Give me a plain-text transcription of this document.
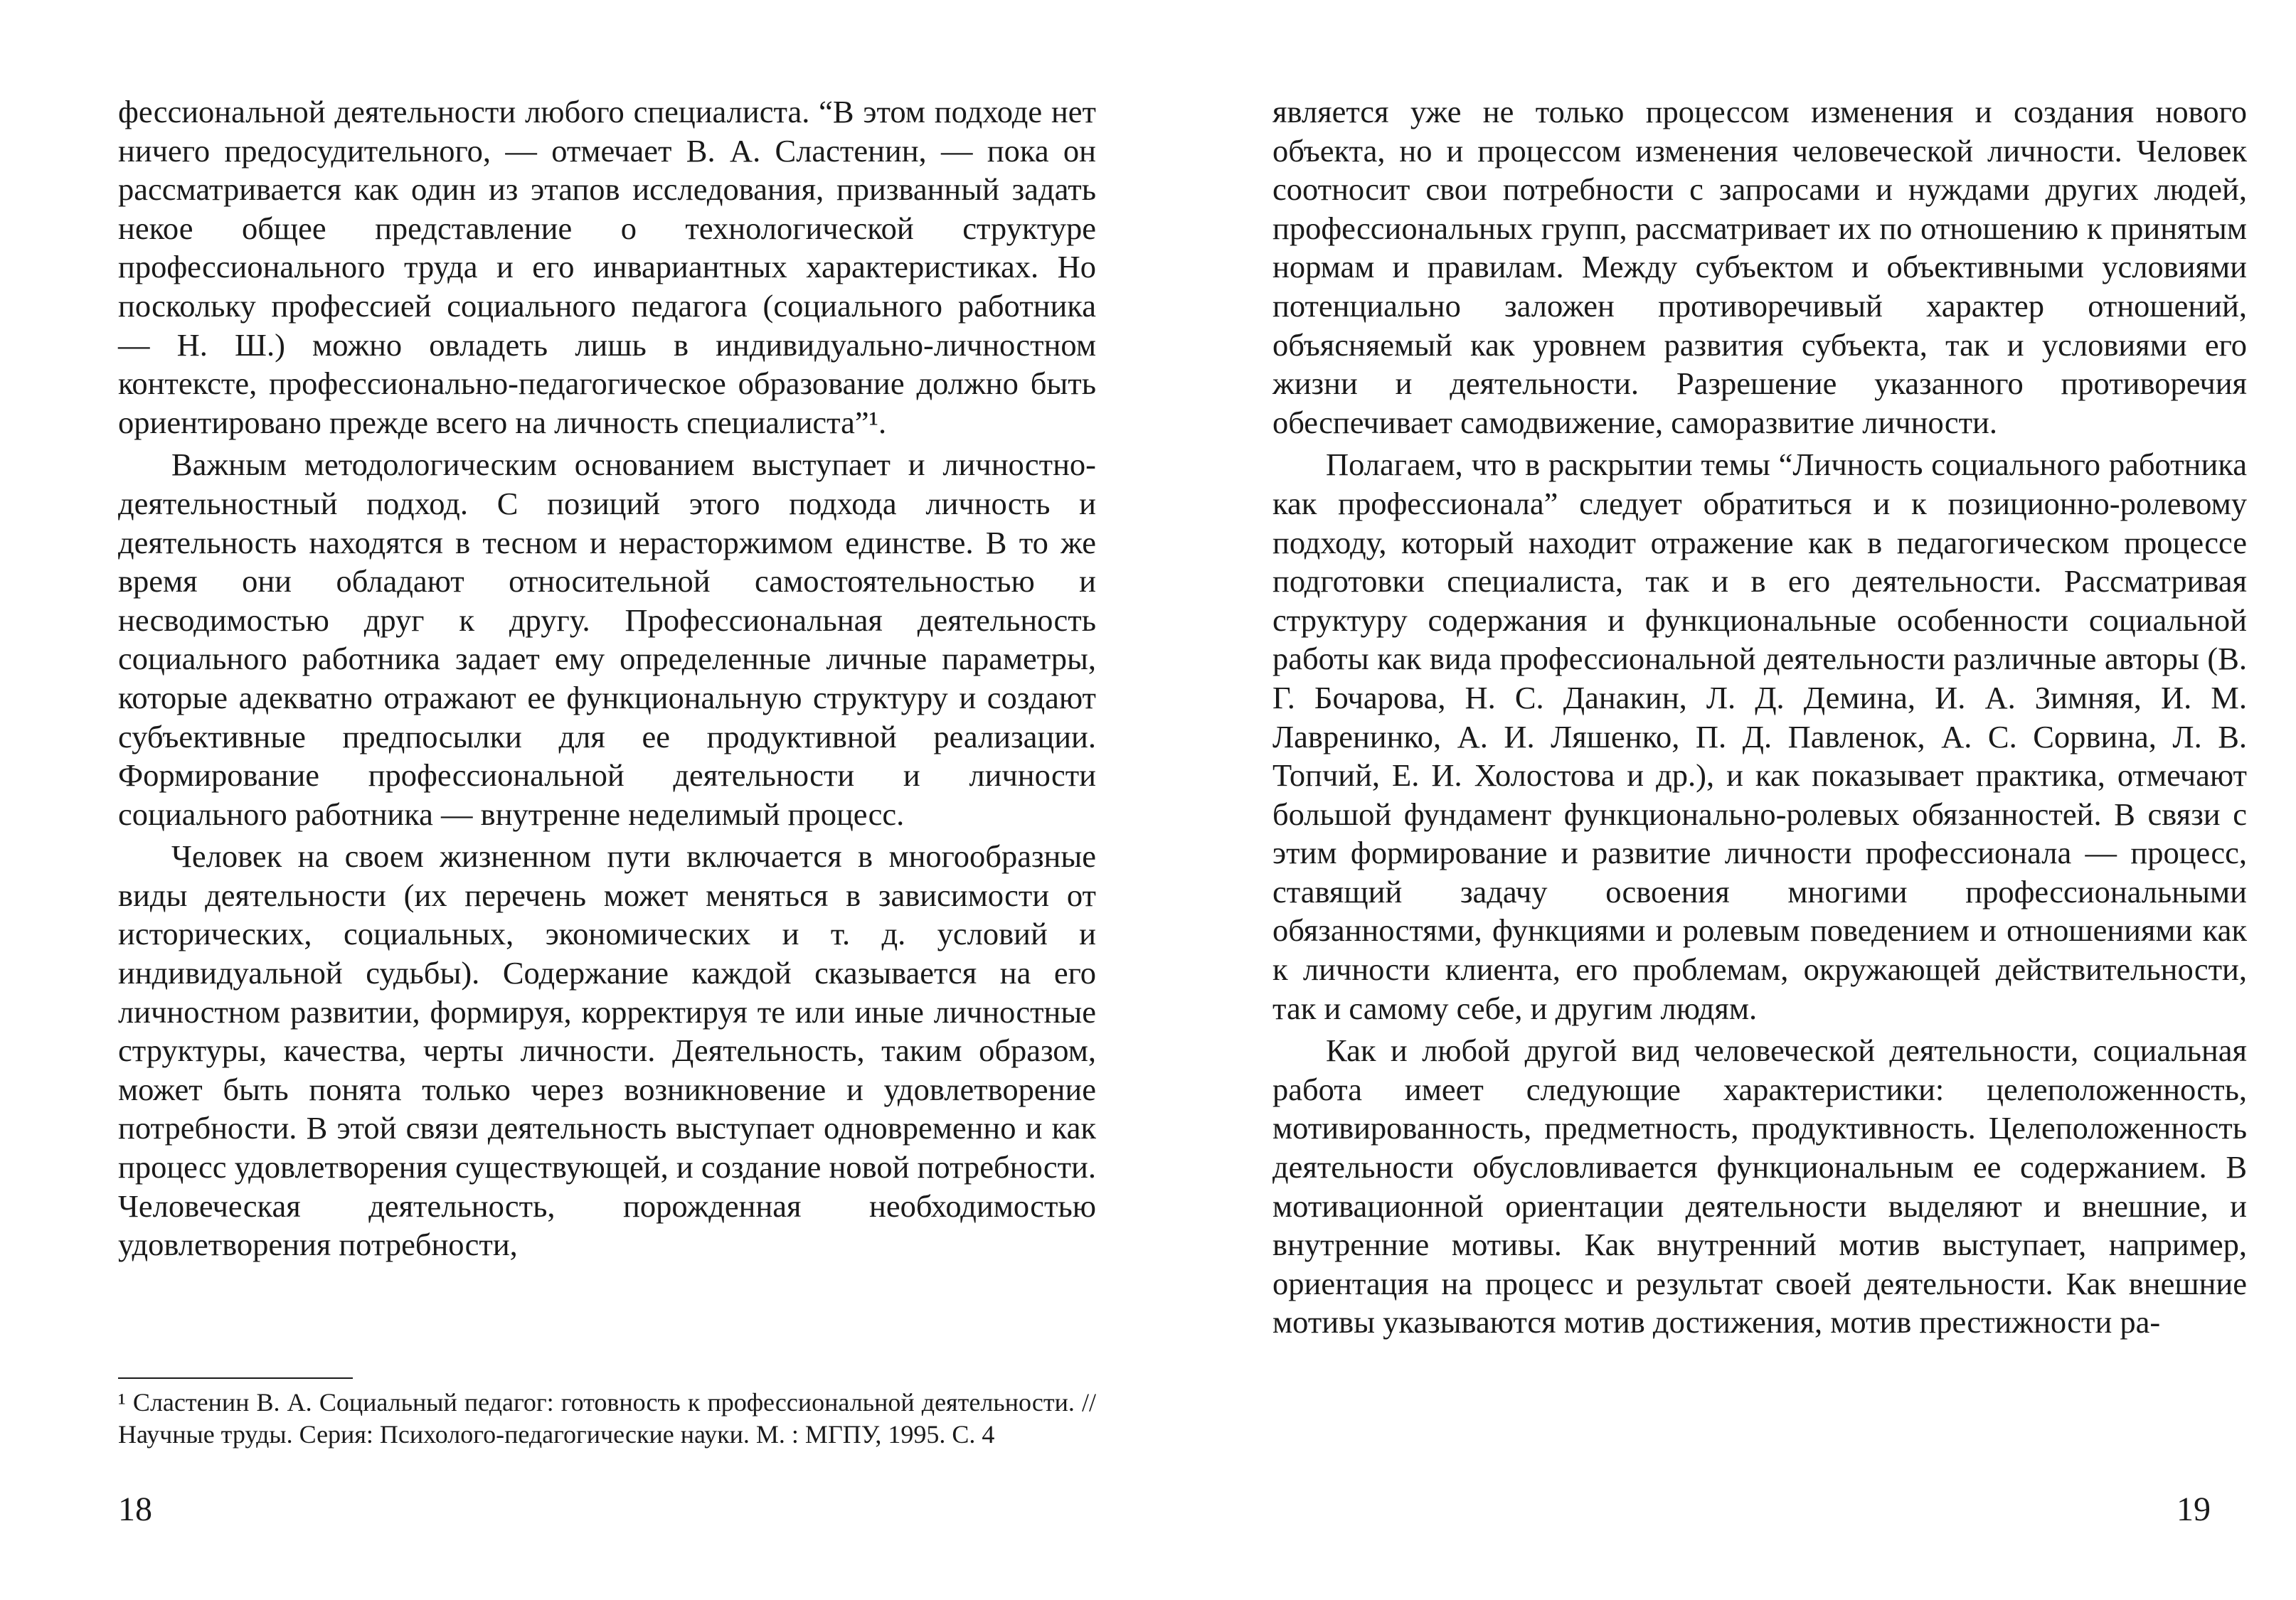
фессиональной деятельности любого специалиста. “В этом подходе нет ничего предосудительного, — отмечает В. А. Сластенин, — пока он рассматривается как один из этапов исследования, призванный задать некое общее представление о технологической структуре профессионального труда и его инвариантных характеристиках. Но поскольку профессией социального педагога (социального работника — Н. Ш.) можно овладеть лишь в индивидуально-личностном контексте, профессионально-педагогическое образование должно быть ориентировано прежде всего на личность специалиста”¹.

Важным методологическим основанием выступает и личностно-деятельностный подход. С позиций этого подхода личность и деятельность находятся в тесном и нерасторжимом единстве. В то же время они обладают относительной самостоятельностью и несводимостью друг к другу. Профессиональная деятельность социального работника задает ему определенные личные параметры, которые адекватно отражают ее функциональную структуру и создают субъективные предпосылки для ее продуктивной реализации. Формирование профессиональной деятельности и личности социального работника — внутренне неделимый процесс.

Человек на своем жизненном пути включается в многообразные виды деятельности (их перечень может меняться в зависимости от исторических, социальных, экономических и т. д. условий и индивидуальной судьбы). Содержание каждой сказывается на его личностном развитии, формируя, корректируя те или иные личностные структуры, качества, черты личности. Деятельность, таким образом, может быть понята только через возникновение и удовлетворение потребности. В этой связи деятельность выступает одновременно и как процесс удовлетворения существующей, и создание новой потребности. Человеческая деятельность, порожденная необходимостью удовлетворения потребности,

¹ Сластенин В. А. Социальный педагог: готовность к профессиональной деятельности. // Научные труды. Серия: Психолого-педагогические науки. М. : МГПУ, 1995. С. 4

18

является уже не только процессом изменения и создания нового объекта, но и процессом изменения человеческой личности. Человек соотносит свои потребности с запросами и нуждами других людей, профессиональных групп, рассматривает их по отношению к принятым нормам и правилам. Между субъектом и объективными условиями потенциально заложен противоречивый характер отношений, объясняемый как уровнем развития субъекта, так и условиями его жизни и деятельности. Разрешение указанного противоречия обеспечивает самодвижение, саморазвитие личности.

Полагаем, что в раскрытии темы “Личность социального работника как профессионала” следует обратиться и к позиционно-ролевому подходу, который находит отражение как в педагогическом процессе подготовки специалиста, так и в его деятельности. Рассматривая структуру содержания и функциональные особенности социальной работы как вида профессиональной деятельности различные авторы (В. Г. Бочарова, Н. С. Данакин, Л. Д. Демина, И. А. Зимняя, И. М. Лавренинко, А. И. Ляшенко, П. Д. Павленок, А. С. Сорвина, Л. В. Топчий, Е. И. Холостова и др.), и как показывает практика, отмечают большой фундамент функционально-ролевых обязанностей. В связи с этим формирование и развитие личности профессионала — процесс, ставящий задачу освоения многими профессиональными обязанностями, функциями и ролевым поведением и отношениями как к личности клиента, его проблемам, окружающей действительности, так и самому себе, и другим людям.

Как и любой другой вид человеческой деятельности, социальная работа имеет следующие характеристики: целеположенность, мотивированность, предметность, продуктивность. Целеположенность деятельности обусловливается функциональным ее содержанием. В мотивационной ориентации деятельности выделяют и внешние, и внутренние мотивы. Как внутренний мотив выступает, например, ориентация на процесс и результат своей деятельности. Как внешние мотивы указываются мотив достижения, мотив престижности ра-

19
